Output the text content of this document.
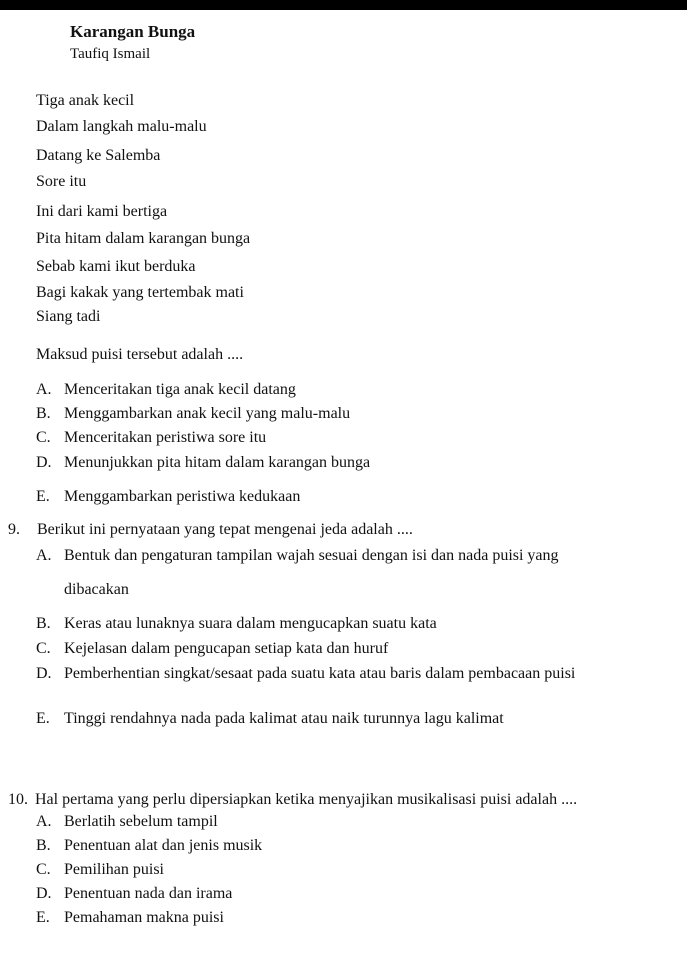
Karangan Bunga
Taufiq Ismail
Tiga anak kecil
Dalam langkah malu-malu
Datang ke Salemba
Sore itu
Ini dari kami bertiga
Pita hitam dalam karangan bunga
Sebab kami ikut berduka
Bagi kakak yang tertembak mati
Siang tadi
Maksud puisi tersebut adalah ....
A. Menceritakan tiga anak kecil datang
B. Menggambarkan anak kecil yang malu-malu
C. Menceritakan peristiwa sore itu
D. Menunjukkan pita hitam dalam karangan bunga
E. Menggambarkan peristiwa kedukaan
9. Berikut ini pernyataan yang tepat mengenai jeda adalah ....
A. Bentuk dan pengaturan tampilan wajah sesuai dengan isi dan nada puisi yang
dibacakan
B. Keras atau lunaknya suara dalam mengucapkan suatu kata
C. Kejelasan dalam pengucapan setiap kata dan huruf
D. Pemberhentian singkat/sesaat pada suatu kata atau baris dalam pembacaan puisi
E. Tinggi rendahnya nada pada kalimat atau naik turunnya lagu kalimat
10. Hal pertama yang perlu dipersiapkan ketika menyajikan musikalisasi puisi adalah ....
A. Berlatih sebelum tampil
B. Penentuan alat dan jenis musik
C. Pemilihan puisi
D. Penentuan nada dan irama
E. Pemahaman makna puisi
